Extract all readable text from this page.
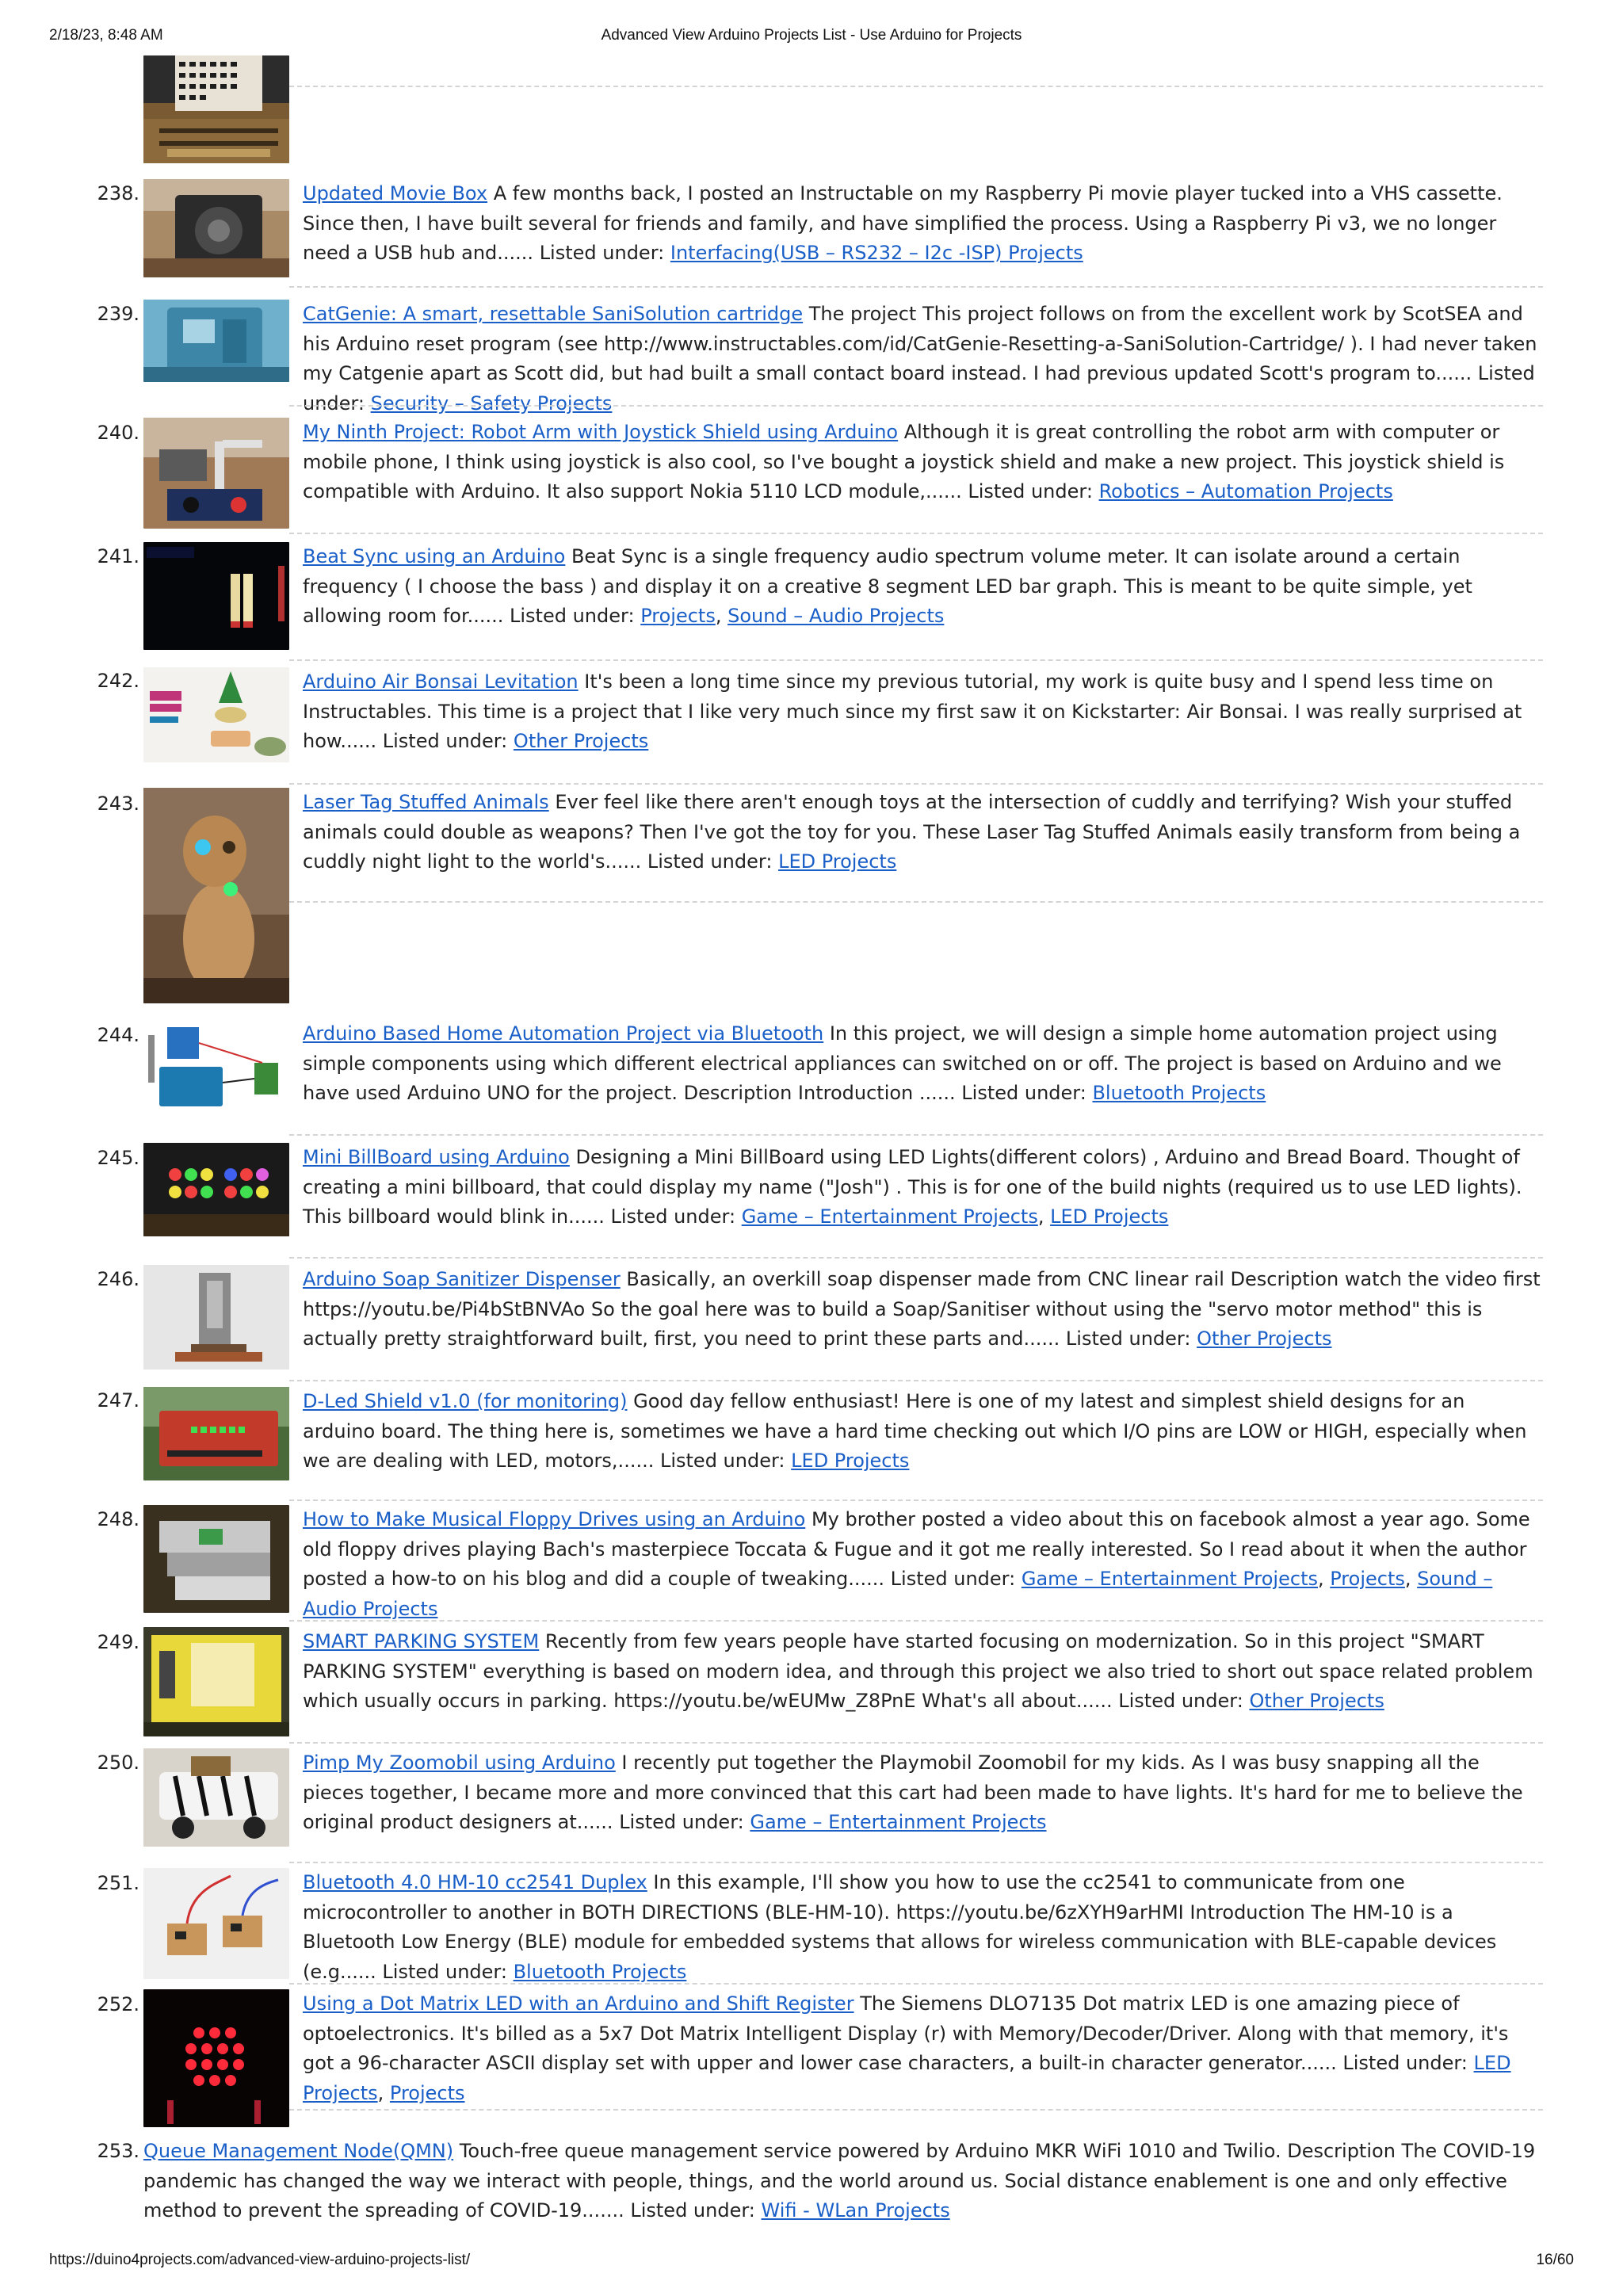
2/18/23, 8:48 AM	Advanced View Arduino Projects List - Use Arduino for Projects
238.	Updated Movie Box A few months back, I posted an Instructable on my Raspberry Pi movie player tucked into a VHS cassette. Since then, I have built several for friends and family, and have simplified the process. Using a Raspberry Pi v3, we no longer need a USB hub and...... Listed under: Interfacing(USB – RS232 – I2c -ISP) Projects
239.	CatGenie: A smart, resettable SaniSolution cartridge The project This project follows on from the excellent work by ScotSEA and his Arduino reset program (see http://www.instructables.com/id/CatGenie-Resetting-a-SaniSolution-Cartridge/ ). I had never taken my Catgenie apart as Scott did, but had built a small contact board instead. I had previous updated Scott's program to...... Listed under: Security – Safety Projects
240.	My Ninth Project: Robot Arm with Joystick Shield using Arduino Although it is great controlling the robot arm with computer or mobile phone, I think using joystick is also cool, so I've bought a joystick shield and make a new project. This joystick shield is compatible with Arduino. It also support Nokia 5110 LCD module,...... Listed under: Robotics – Automation Projects
241.	Beat Sync using an Arduino Beat Sync is a single frequency audio spectrum volume meter. It can isolate around a certain frequency ( I choose the bass ) and display it on a creative 8 segment LED bar graph. This is meant to be quite simple, yet allowing room for...... Listed under: Projects, Sound – Audio Projects
242.	Arduino Air Bonsai Levitation It's been a long time since my previous tutorial, my work is quite busy and I spend less time on Instructables. This time is a project that I like very much since my first saw it on Kickstarter: Air Bonsai. I was really surprised at how...... Listed under: Other Projects
243.	Laser Tag Stuffed Animals Ever feel like there aren't enough toys at the intersection of cuddly and terrifying? Wish your stuffed animals could double as weapons? Then I've got the toy for you. These Laser Tag Stuffed Animals easily transform from being a cuddly night light to the world's...... Listed under: LED Projects
244.	Arduino Based Home Automation Project via Bluetooth In this project, we will design a simple home automation project using simple components using which different electrical appliances can switched on or off. The project is based on Arduino and we have used Arduino UNO for the project. Description Introduction ...... Listed under: Bluetooth Projects
245.	Mini BillBoard using Arduino Designing a Mini BillBoard using LED Lights(different colors) , Arduino and Bread Board. Thought of creating a mini billboard, that could display my name ("Josh") . This is for one of the build nights (required us to use LED lights). This billboard would blink in...... Listed under: Game – Entertainment Projects, LED Projects
246.	Arduino Soap Sanitizer Dispenser Basically, an overkill soap dispenser made from CNC linear rail Description watch the video first https://youtu.be/Pi4bStBNVAo So the goal here was to build a Soap/Sanitiser without using the "servo motor method" this is actually pretty straightforward built, first, you need to print these parts and...... Listed under: Other Projects
247.	D-Led Shield v1.0 (for monitoring) Good day fellow enthusiast! Here is one of my latest and simplest shield designs for an arduino board. The thing here is, sometimes we have a hard time checking out which I/O pins are LOW or HIGH, especially when we are dealing with LED, motors,...... Listed under: LED Projects
248.	How to Make Musical Floppy Drives using an Arduino My brother posted a video about this on facebook almost a year ago. Some old floppy drives playing Bach's masterpiece Toccata & Fugue and it got me really interested. So I read about it when the author posted a how-to on his blog and did a couple of tweaking...... Listed under: Game – Entertainment Projects, Projects, Sound – Audio Projects
249.	SMART PARKING SYSTEM Recently from few years people have started focusing on modernization. So in this project "SMART PARKING SYSTEM" everything is based on modern idea, and through this project we also tried to short out space related problem which usually occurs in parking. https://youtu.be/wEUMw_Z8PnE What's all about...... Listed under: Other Projects
250.	Pimp My Zoomobil using Arduino I recently put together the Playmobil Zoomobil for my kids. As I was busy snapping all the pieces together, I became more and more convinced that this cart had been made to have lights. It's hard for me to believe the original product designers at...... Listed under: Game – Entertainment Projects
251.	Bluetooth 4.0 HM-10 cc2541 Duplex In this example, I'll show you how to use the cc2541 to communicate from one microcontroller to another in BOTH DIRECTIONS (BLE-HM-10). https://youtu.be/6zXYH9arHMI Introduction The HM-10 is a Bluetooth Low Energy (BLE) module for embedded systems that allows for wireless communication with BLE-capable devices (e.g...... Listed under: Bluetooth Projects
252.	Using a Dot Matrix LED with an Arduino and Shift Register The Siemens DLO7135 Dot matrix LED is one amazing piece of optoelectronics. It's billed as a 5x7 Dot Matrix Intelligent Display (r) with Memory/Decoder/Driver. Along with that memory, it's got a 96-character ASCII display set with upper and lower case characters, a built-in character generator...... Listed under: LED Projects, Projects
253. Queue Management Node(QMN) Touch-free queue management service powered by Arduino MKR WiFi 1010 and Twilio. Description The COVID-19 pandemic has changed the way we interact with people, things, and the world around us. Social distance enablement is one and only effective method to prevent the spreading of COVID-19....... Listed under: Wifi - WLan Projects
https://duino4projects.com/advanced-view-arduino-projects-list/	16/60
